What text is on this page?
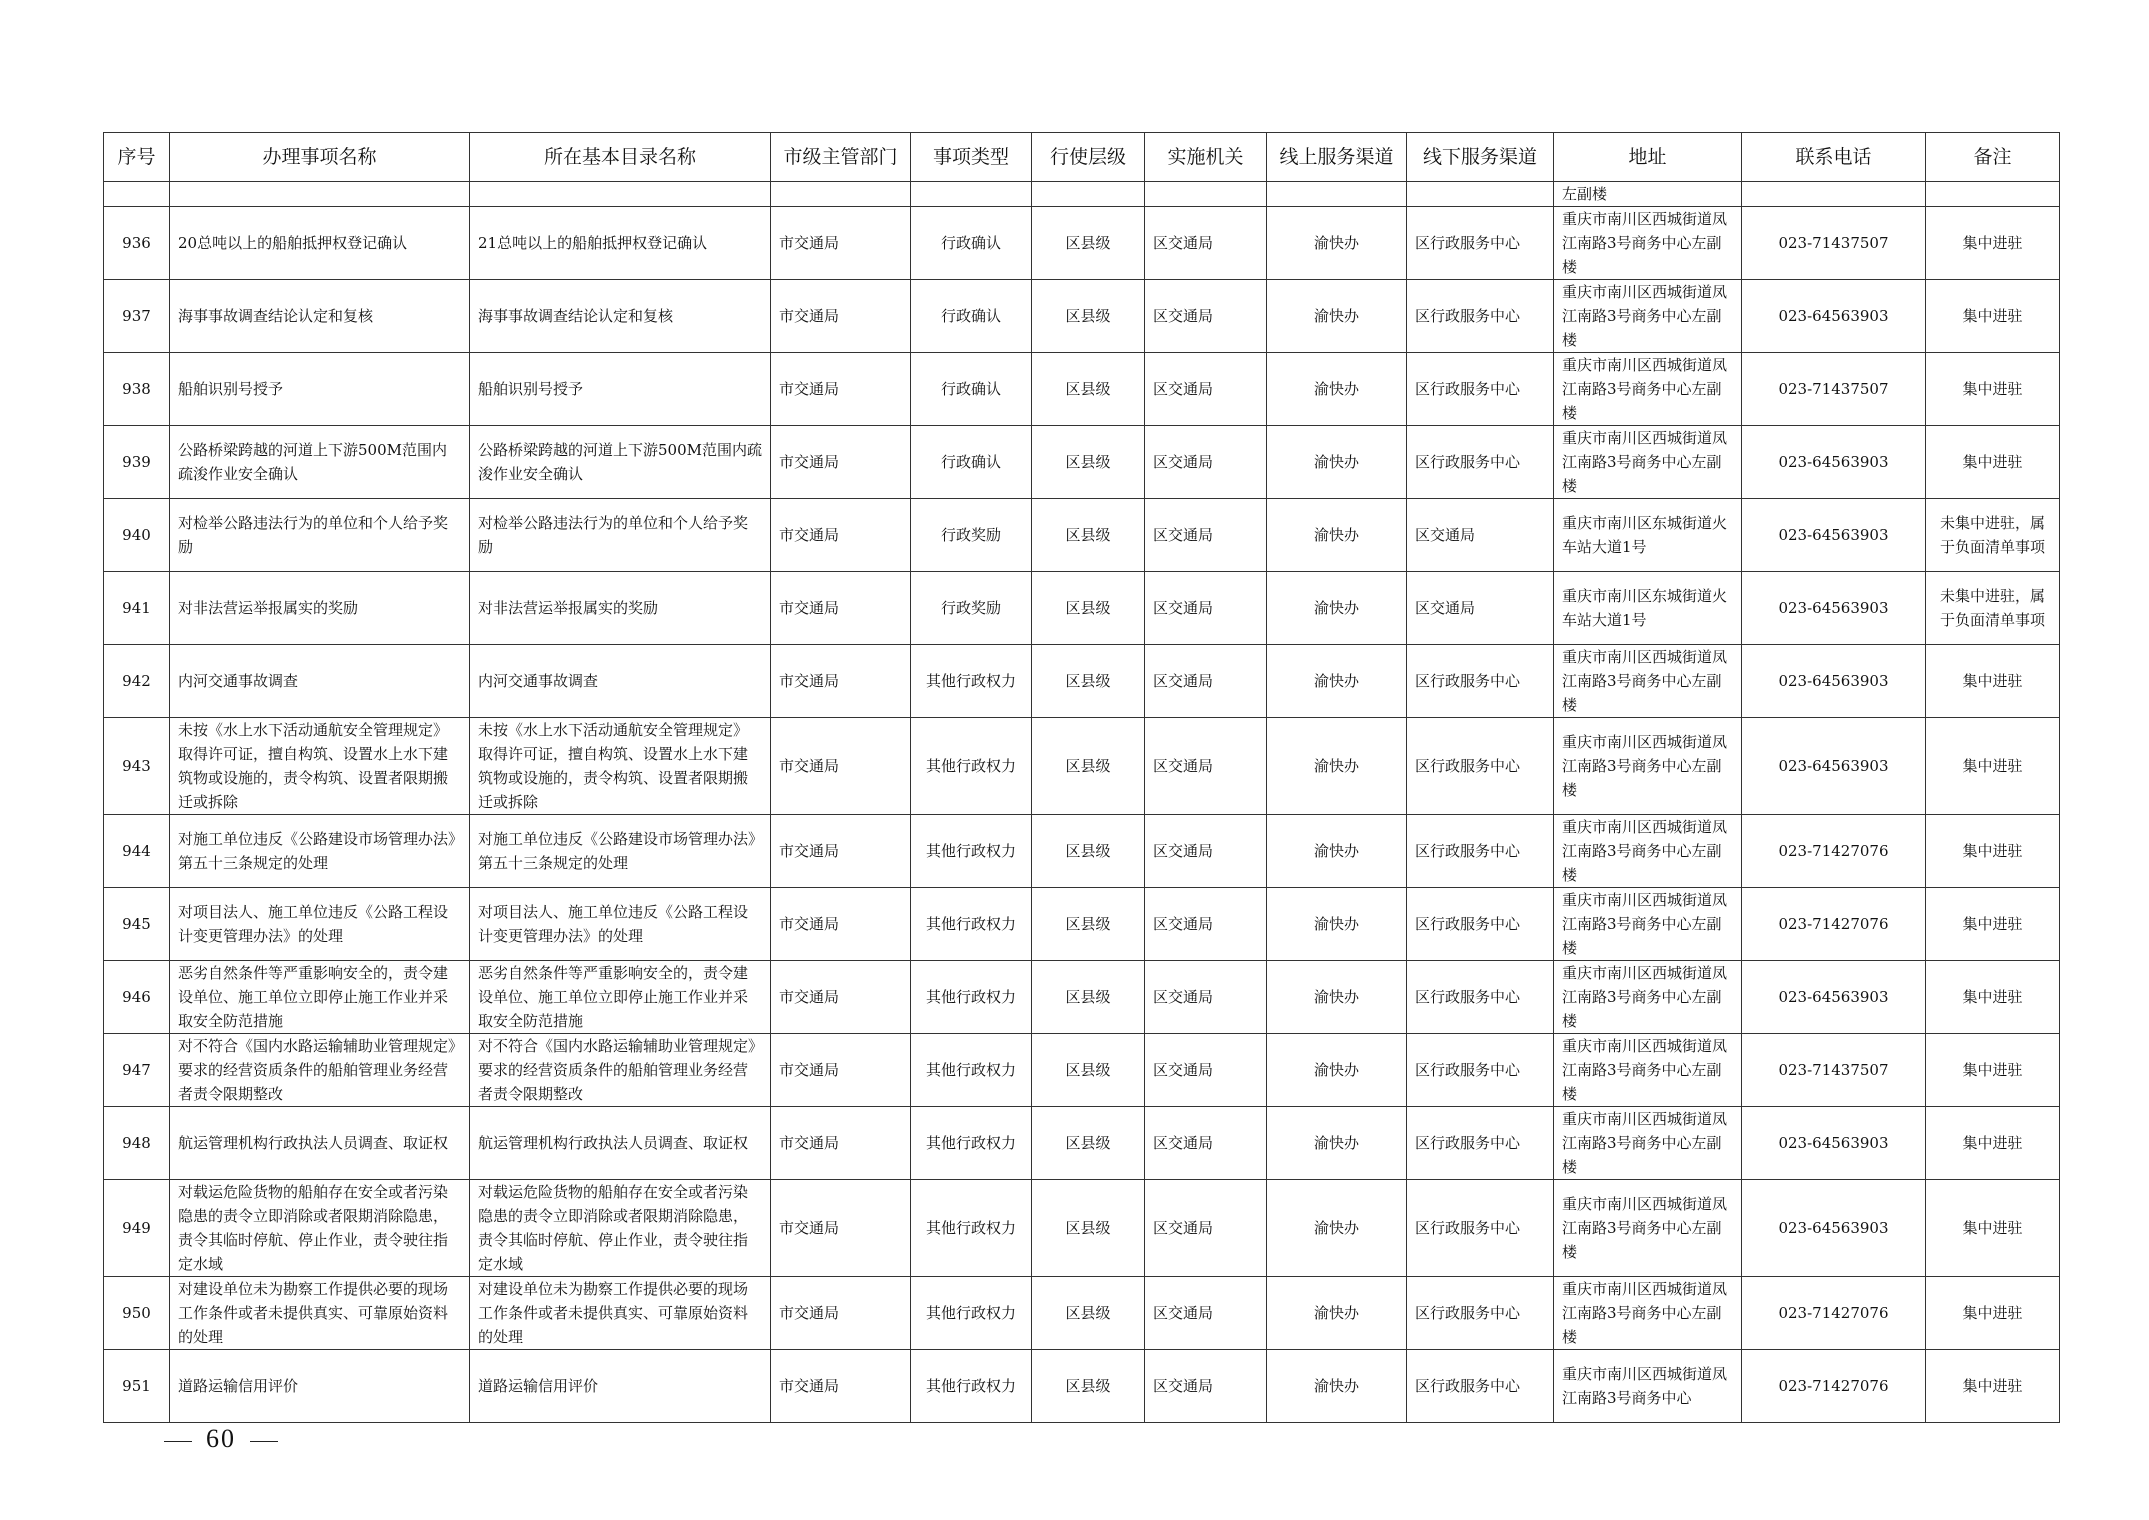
序号	办理事项名称	所在基本目录名称	市级主管部门	事项类型	行使层级	实施机关	线上服务渠道	线下服务渠道	地址	联系电话	备注
									左副楼		
936	20总吨以上的船舶抵押权登记确认	21总吨以上的船舶抵押权登记确认	市交通局	行政确认	区县级	区交通局	渝快办	区行政服务中心	重庆市南川区西城街道凤江南路3号商务中心左副楼	023-71437507	集中进驻
937	海事事故调查结论认定和复核	海事事故调查结论认定和复核	市交通局	行政确认	区县级	区交通局	渝快办	区行政服务中心	重庆市南川区西城街道凤江南路3号商务中心左副楼	023-64563903	集中进驻
938	船舶识别号授予	船舶识别号授予	市交通局	行政确认	区县级	区交通局	渝快办	区行政服务中心	重庆市南川区西城街道凤江南路3号商务中心左副楼	023-71437507	集中进驻
939	公路桥梁跨越的河道上下游500M范围内疏浚作业安全确认	公路桥梁跨越的河道上下游500M范围内疏浚作业安全确认	市交通局	行政确认	区县级	区交通局	渝快办	区行政服务中心	重庆市南川区西城街道凤江南路3号商务中心左副楼	023-64563903	集中进驻
940	对检举公路违法行为的单位和个人给予奖励	对检举公路违法行为的单位和个人给予奖励	市交通局	行政奖励	区县级	区交通局	渝快办	区交通局	重庆市南川区东城街道火车站大道1号	023-64563903	未集中进驻，属于负面清单事项
941	对非法营运举报属实的奖励	对非法营运举报属实的奖励	市交通局	行政奖励	区县级	区交通局	渝快办	区交通局	重庆市南川区东城街道火车站大道1号	023-64563903	未集中进驻，属于负面清单事项
942	内河交通事故调查	内河交通事故调查	市交通局	其他行政权力	区县级	区交通局	渝快办	区行政服务中心	重庆市南川区西城街道凤江南路3号商务中心左副楼	023-64563903	集中进驻
943	未按《水上水下活动通航安全管理规定》取得许可证，擅自构筑、设置水上水下建筑物或设施的，责令构筑、设置者限期搬迁或拆除	未按《水上水下活动通航安全管理规定》取得许可证，擅自构筑、设置水上水下建筑物或设施的，责令构筑、设置者限期搬迁或拆除	市交通局	其他行政权力	区县级	区交通局	渝快办	区行政服务中心	重庆市南川区西城街道凤江南路3号商务中心左副楼	023-64563903	集中进驻
944	对施工单位违反《公路建设市场管理办法》第五十三条规定的处理	对施工单位违反《公路建设市场管理办法》第五十三条规定的处理	市交通局	其他行政权力	区县级	区交通局	渝快办	区行政服务中心	重庆市南川区西城街道凤江南路3号商务中心左副楼	023-71427076	集中进驻
945	对项目法人、施工单位违反《公路工程设计变更管理办法》的处理	对项目法人、施工单位违反《公路工程设计变更管理办法》的处理	市交通局	其他行政权力	区县级	区交通局	渝快办	区行政服务中心	重庆市南川区西城街道凤江南路3号商务中心左副楼	023-71427076	集中进驻
946	恶劣自然条件等严重影响安全的，责令建设单位、施工单位立即停止施工作业并采取安全防范措施	恶劣自然条件等严重影响安全的，责令建设单位、施工单位立即停止施工作业并采取安全防范措施	市交通局	其他行政权力	区县级	区交通局	渝快办	区行政服务中心	重庆市南川区西城街道凤江南路3号商务中心左副楼	023-64563903	集中进驻
947	对不符合《国内水路运输辅助业管理规定》要求的经营资质条件的船舶管理业务经营者责令限期整改	对不符合《国内水路运输辅助业管理规定》要求的经营资质条件的船舶管理业务经营者责令限期整改	市交通局	其他行政权力	区县级	区交通局	渝快办	区行政服务中心	重庆市南川区西城街道凤江南路3号商务中心左副楼	023-71437507	集中进驻
948	航运管理机构行政执法人员调查、取证权	航运管理机构行政执法人员调查、取证权	市交通局	其他行政权力	区县级	区交通局	渝快办	区行政服务中心	重庆市南川区西城街道凤江南路3号商务中心左副楼	023-64563903	集中进驻
949	对载运危险货物的船舶存在安全或者污染隐患的责令立即消除或者限期消除隐患，责令其临时停航、停止作业，责令驶往指定水域	对载运危险货物的船舶存在安全或者污染隐患的责令立即消除或者限期消除隐患，责令其临时停航、停止作业，责令驶往指定水域	市交通局	其他行政权力	区县级	区交通局	渝快办	区行政服务中心	重庆市南川区西城街道凤江南路3号商务中心左副楼	023-64563903	集中进驻
950	对建设单位未为勘察工作提供必要的现场工作条件或者未提供真实、可靠原始资料的处理	对建设单位未为勘察工作提供必要的现场工作条件或者未提供真实、可靠原始资料的处理	市交通局	其他行政权力	区县级	区交通局	渝快办	区行政服务中心	重庆市南川区西城街道凤江南路3号商务中心左副楼	023-71427076	集中进驻
951	道路运输信用评价	道路运输信用评价	市交通局	其他行政权力	区县级	区交通局	渝快办	区行政服务中心	重庆市南川区西城街道凤江南路3号商务中心	023-71427076	集中进驻
60
